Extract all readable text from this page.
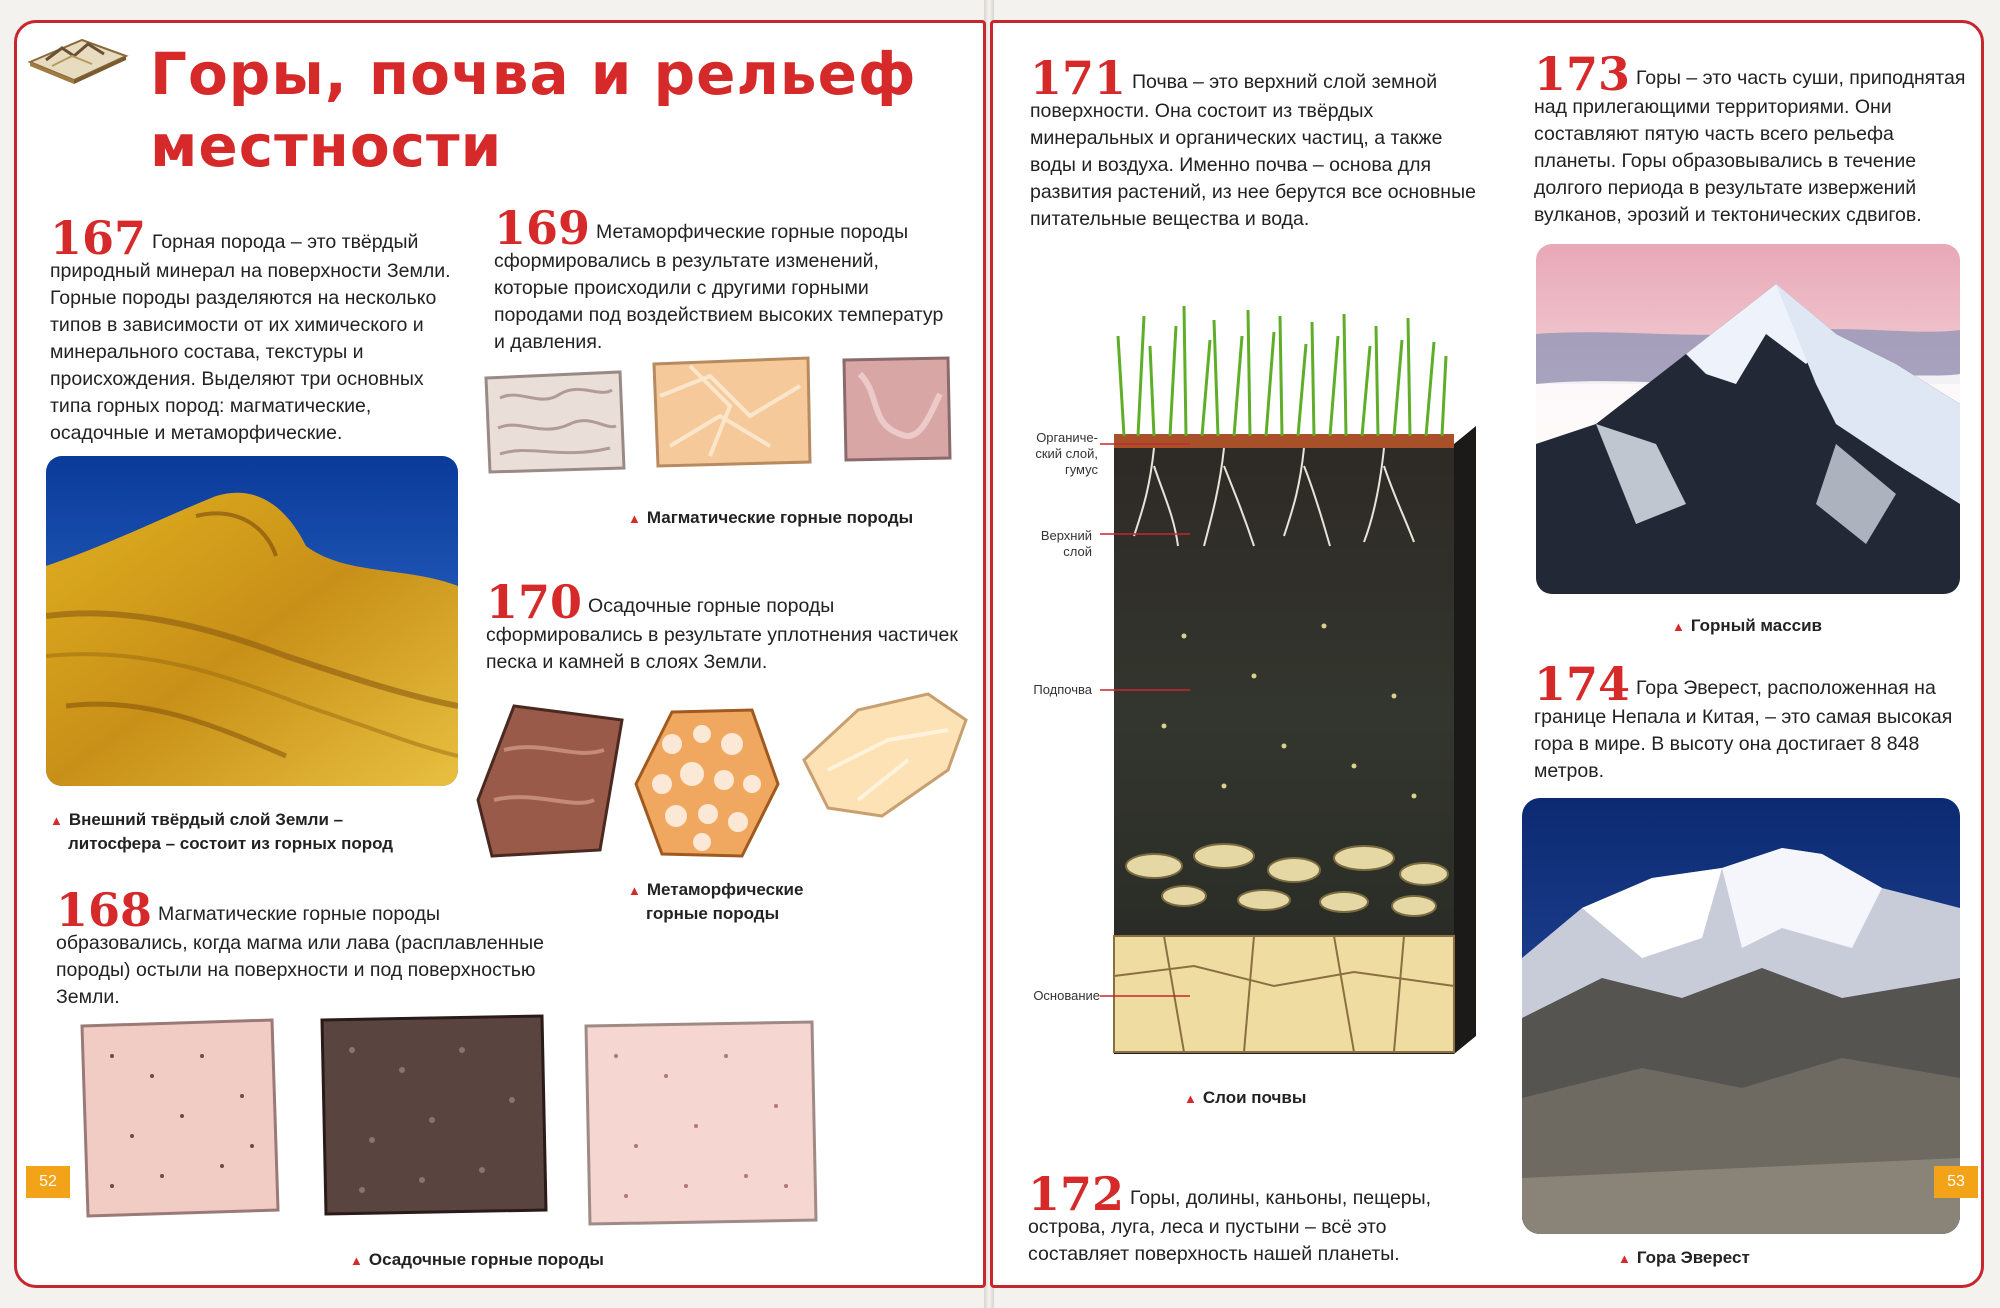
Горы, почва и рельеф
местности
167 Горная порода – это твёрдый природный минерал на поверхности Земли. Горные породы разделяются на несколько типов в зависимости от их химического и минерального состава, текстуры и происхождения. Выделяют три основных типа горных пород: магматические, осадочные и метаморфические.
▲ Внешний твёрдый слой Земли –
литосфера – состоит из горных пород
169 Метаморфические горные породы сформировались в результате изменений, которые происходили с другими горными породами под воздействием высоких температур и давления.
▲ Магматические горные породы
170 Осадочные горные породы сформировались в результате уплотнения частичек песка и камней в слоях Земли.
▲ Метаморфические
горные породы
168 Магматические горные породы образовались, когда магма или лава (расплавленные породы) остыли на поверхности и под поверхностью Земли.
▲ Осадочные горные породы
52
171 Почва – это верхний слой земной поверхности. Она состоит из твёрдых минеральных и органических частиц, а также воды и воздуха. Именно почва – основа для развития растений, из нее берутся все основные питательные вещества и вода.
173 Горы – это часть суши, приподнятая над прилегающими территориями. Они составляют пятую часть всего рельефа планеты. Горы образовывались в течение долгого периода в результате извержений вулканов, эрозий и тектонических сдвигов.
Органиче-
ский слой,
гумус
Верхний
слой
Подпочва
Основание
▲ Слои почвы
172 Горы, долины, каньоны, пещеры, острова, луга, леса и пустыни – всё это составляет поверхность нашей планеты.
▲ Горный массив
174 Гора Эверест, расположенная на границе Непала и Китая, – это самая высокая гора в мире. В высоту она достигает 8 848 метров.
▲ Гора Эверест
53
